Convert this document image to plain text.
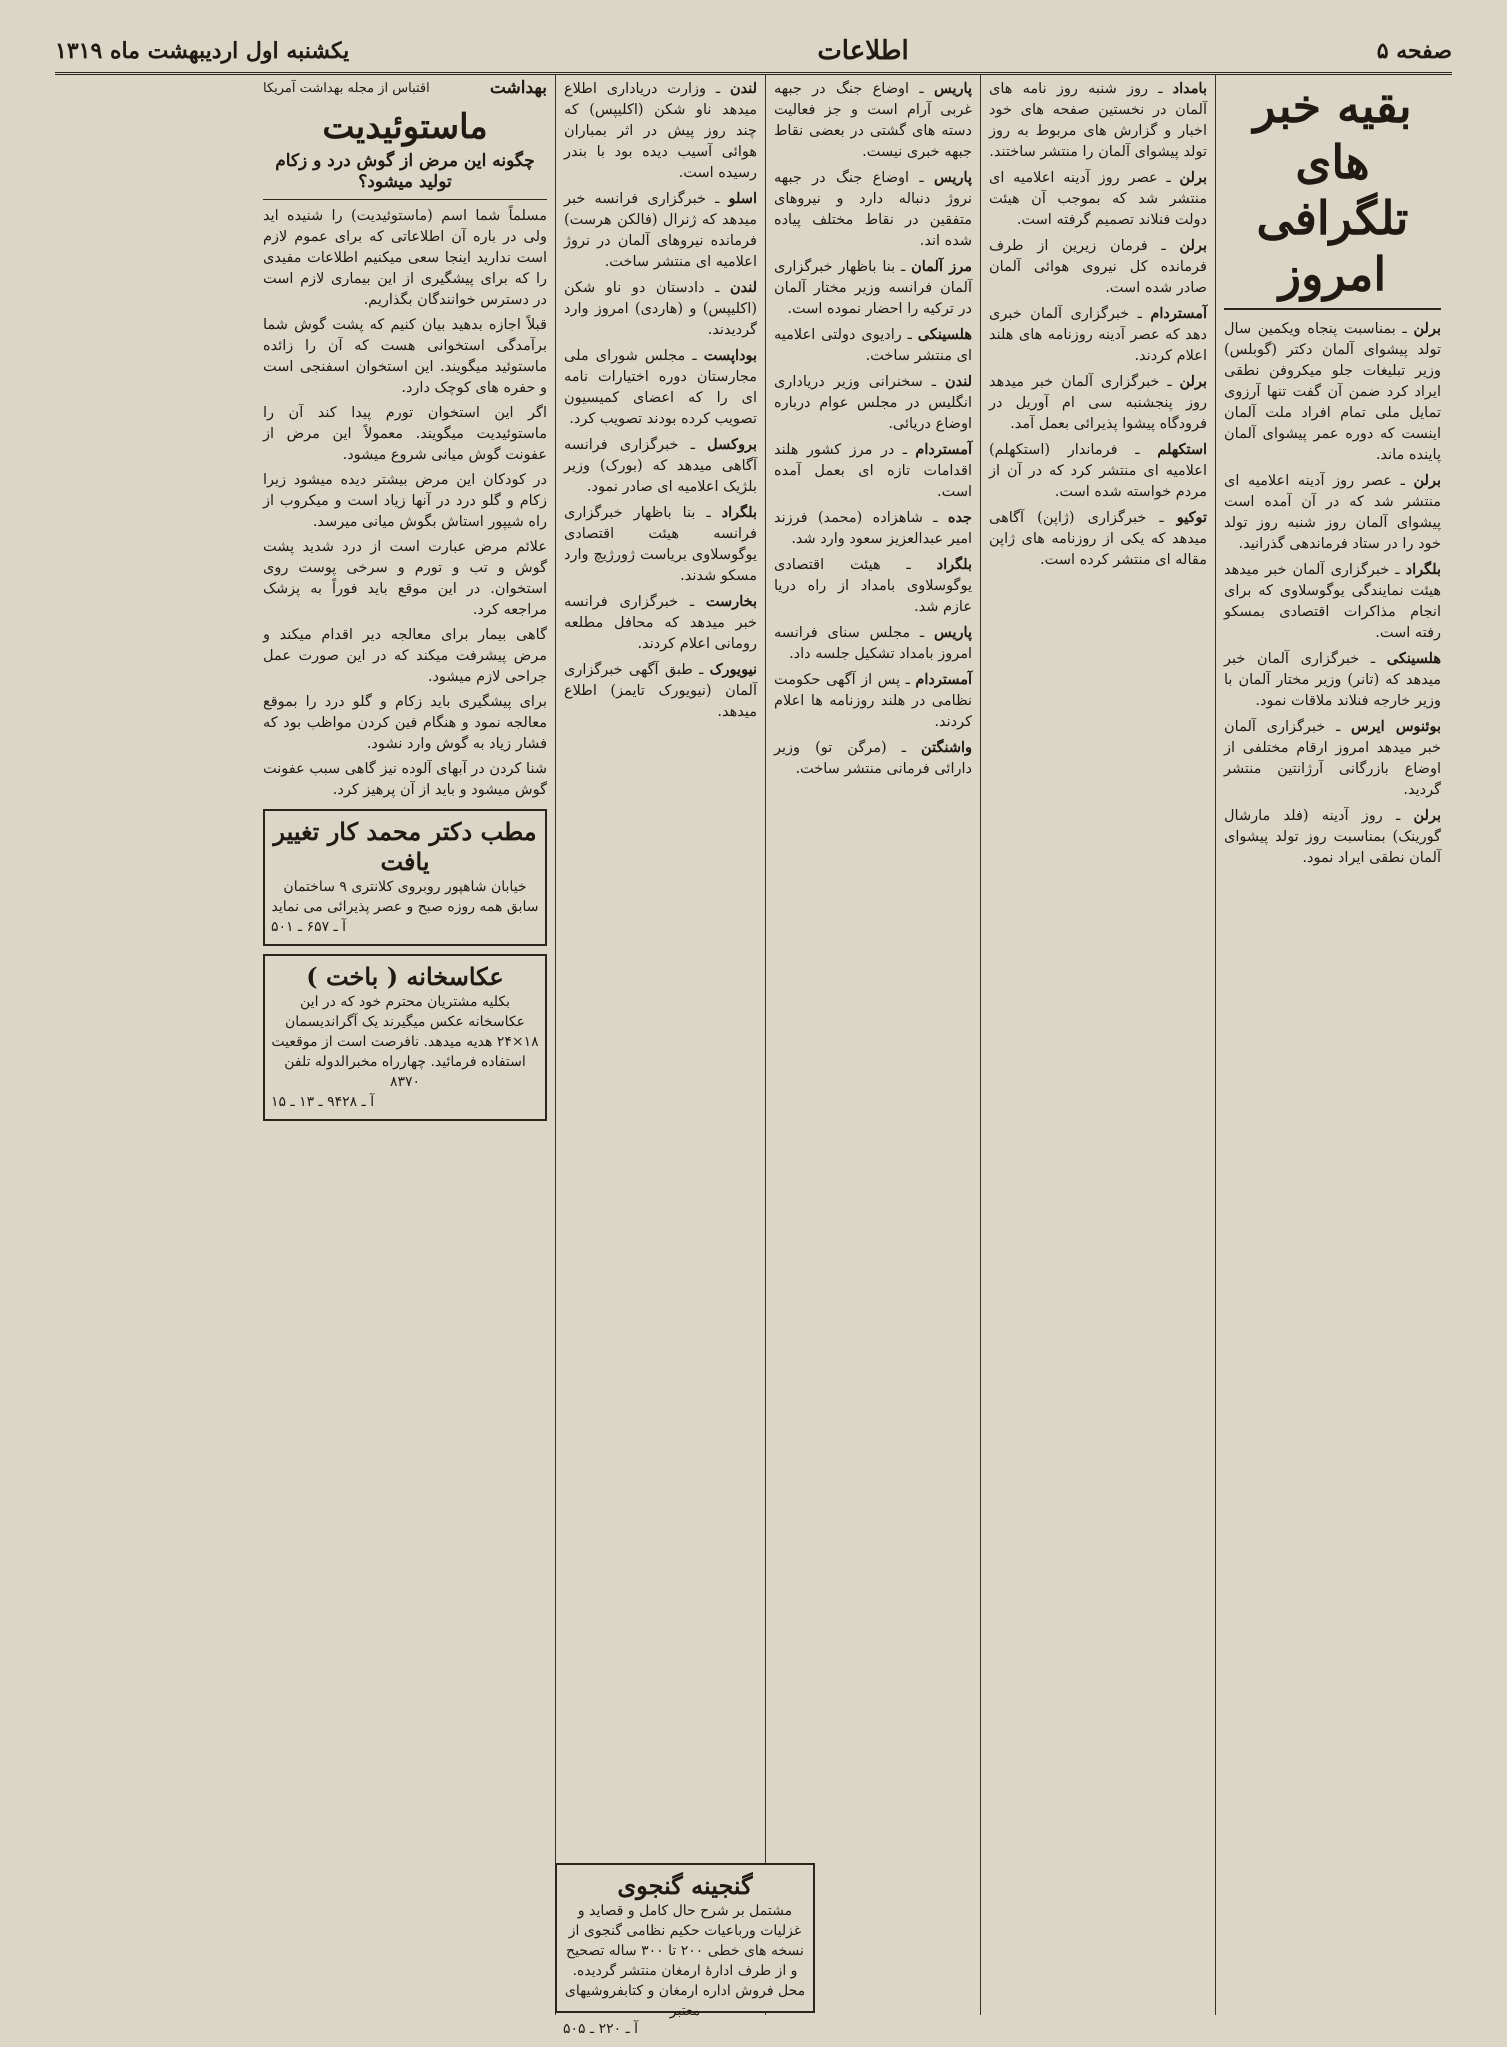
صفحه ۵
اطلاعات
یکشنبه اول اردیبهشت ماه ۱۳۱۹
بقیه خبر های تلگرافی امروز

برلن ـ بمناسبت پنجاه ویکمین سال تولد پیشوای آلمان دکتر (گوبلس) وزیر تبلیغات جلو میکروفن نطقی ایراد کرد ضمن آن گفت تنها آرزوی تمایل ملی تمام افراد ملت آلمان اینست که دوره عمر پیشوای آلمان پاینده ماند.

برلن ـ عصر روز آدینه اعلامیه ای منتشر شد که در آن آمده است پیشوای آلمان روز شنبه روز تولد خود را در ستاد فرماندهی گذرانید.

بلگراد ـ خبرگزاری آلمان خبر میدهد هیئت نمایندگی یوگوسلاوی که برای انجام مذاکرات اقتصادی بمسکو رفته است.

هلسینکی ـ خبرگزاری آلمان خبر میدهد که (تانر) وزیر مختار آلمان با وزیر خارجه فنلاند ملاقات نمود.

بوئنوس ایرس ـ خبرگزاری آلمان خبر میدهد امروز ارقام مختلفی از اوضاع بازرگانی آرژانتین منتشر گردید.

برلن ـ روز آدینه (فلد مارشال گورینک) بمناسبت روز تولد پیشوای آلمان نطقی ایراد نمود.

بامداد ـ روز شنبه روز نامه های آلمان در نخستین صفحه های خود اخبار و گزارش های مربوط به روز تولد پیشوای آلمان را منتشر ساختند.

برلن ـ عصر روز آدینه اعلامیه ای منتشر شد که بموجب آن هیئت دولت فنلاند تصمیم گرفته است.

برلن ـ فرمان زیرین از طرف فرمانده کل نیروی هوائی آلمان صادر شده است.

آمستردام ـ خبرگزاری آلمان خبری دهد که عصر آدینه روزنامه های هلند اعلام کردند.

برلن ـ خبرگزاری آلمان خبر میدهد روز پنجشنبه سی ام آوریل در فرودگاه پیشوا پذیرائی بعمل آمد.

استکهلم ـ فرماندار (استکهلم) اعلامیه ای منتشر کرد که در آن از مردم خواسته شده است.

توکیو ـ خبرگزاری (ژاپن) آگاهی میدهد که یکی از روزنامه های ژاپن مقاله ای منتشر کرده است.

پاریس ـ اوضاع جنگ در جبهه غربی آرام است و جز فعالیت دسته های گشتی در بعضی نقاط جبهه خبری نیست.

پاریس ـ اوضاع جنگ در جبهه نروژ دنباله دارد و نیروهای متفقین در نقاط مختلف پیاده شده اند.

مرز آلمان ـ بنا باظهار خبرگزاری آلمان فرانسه وزیر مختار آلمان در ترکیه را احضار نموده است.

هلسینکی ـ رادیوی دولتی اعلامیه ای منتشر ساخت.

لندن ـ سخنرانی وزیر دریاداری انگلیس در مجلس عوام درباره اوضاع دریائی.

آمستردام ـ در مرز کشور هلند اقدامات تازه ای بعمل آمده است.

جده ـ شاهزاده (محمد) فرزند امیر عبدالعزیز سعود وارد شد.

بلگراد ـ هیئت اقتصادی یوگوسلاوی بامداد از راه دریا عازم شد.

پاریس ـ مجلس سنای فرانسه امروز بامداد تشکیل جلسه داد.

آمستردام ـ پس از آگهی حکومت نظامی در هلند روزنامه ها اعلام کردند.

واشنگتن ـ (مرگن تو) وزیر دارائی فرمانی منتشر ساخت.

لندن ـ وزارت دریاداری اطلاع میدهد ناو شکن (اکلیپس) که چند روز پیش در اثر بمباران هوائی آسیب دیده بود با بندر رسیده است.

اسلو ـ خبرگزاری فرانسه خبر میدهد که ژنرال (فالکن هرست) فرمانده نیروهای آلمان در نروژ اعلامیه ای منتشر ساخت.

لندن ـ دادستان دو ناو شکن (اکلیپس) و (هاردی) امروز وارد گردیدند.

بوداپست ـ مجلس شورای ملی مجارستان دوره اختیارات نامه ای را که اعضای کمیسیون تصویب کرده بودند تصویب کرد.

بروکسل ـ خبرگزاری فرانسه آگاهی میدهد که (بورک) وزیر بلژیک اعلامیه ای صادر نمود.

بلگراد ـ بنا باظهار خبرگزاری فرانسه هیئت اقتصادی یوگوسلاوی بریاست ژورژیچ وارد مسکو شدند.

بخارست ـ خبرگزاری فرانسه خبر میدهد که محافل مطلعه رومانی اعلام کردند.

نیویورک ـ طبق آگهی خبرگزاری آلمان (نیویورک تایمز) اطلاع میدهد.

بهداشت
اقتباس از مجله بهداشت آمریکا
ماستوئیدیت
چگونه این مرض از گوش درد و زکام تولید میشود؟

مسلماً شما اسم (ماستوئیدیت) را شنیده اید ولی در باره آن اطلاعاتی که برای عموم لازم است ندارید اینجا سعی میکنیم اطلاعات مفیدی را که برای پیشگیری از این بیماری لازم است در دسترس خوانندگان بگذاریم.

قبلاً اجازه بدهید بیان کنیم که پشت گوش شما برآمدگی استخوانی هست که آن را زائده ماستوئید میگویند. این استخوان اسفنجی است و حفره های کوچک دارد.

اگر این استخوان تورم پیدا کند آن را ماستوئیدیت میگویند. معمولاً این مرض از عفونت گوش میانی شروع میشود.

در کودکان این مرض بیشتر دیده میشود زیرا زکام و گلو درد در آنها زیاد است و میکروب از راه شیپور استاش بگوش میانی میرسد.

علائم مرض عبارت است از درد شدید پشت گوش و تب و تورم و سرخی پوست روی استخوان. در این موقع باید فوراً به پزشک مراجعه کرد.

گاهی بیمار برای معالجه دیر اقدام میکند و مرض پیشرفت میکند که در این صورت عمل جراحی لازم میشود.

برای پیشگیری باید زکام و گلو درد را بموقع معالجه نمود و هنگام فین کردن مواظب بود که فشار زیاد به گوش وارد نشود.

شنا کردن در آبهای آلوده نیز گاهی سبب عفونت گوش میشود و باید از آن پرهیز کرد.

مطب دکتر محمد کار تغییر یافت
خیابان شاهپور روبروی کلانتری ۹ ساختمان سابق همه روزه صبح و عصر پذیرائی می نماید
آ ـ ۶۵۷ ـ ۵۰۱
عکاسخانه ( باخت )
بکلیه مشتریان محترم خود که در این عکاسخانه عکس میگیرند یک آگراندیسمان ۱۸×۲۴ هدیه میدهد. نافرصت است از موقعیت استفاده فرمائید. چهارراه مخبرالدوله تلفن ۸۳۷۰
آ ـ ۹۴۲۸ ـ ۱۳ ـ ۱۵
گنجینه گنجوی
مشتمل بر شرح حال کامل و قصاید و غزلیات ورباعیات حکیم نظامی گنجوی از نسخه های خطی ۲۰۰ تا ۳۰۰ ساله تصحیح و از طرف ادارۀ ارمغان منتشر گردیده. محل فروش اداره ارمغان و کتابفروشیهای معتبر
آ ـ ۲۲۰ ـ ۵۰۵
